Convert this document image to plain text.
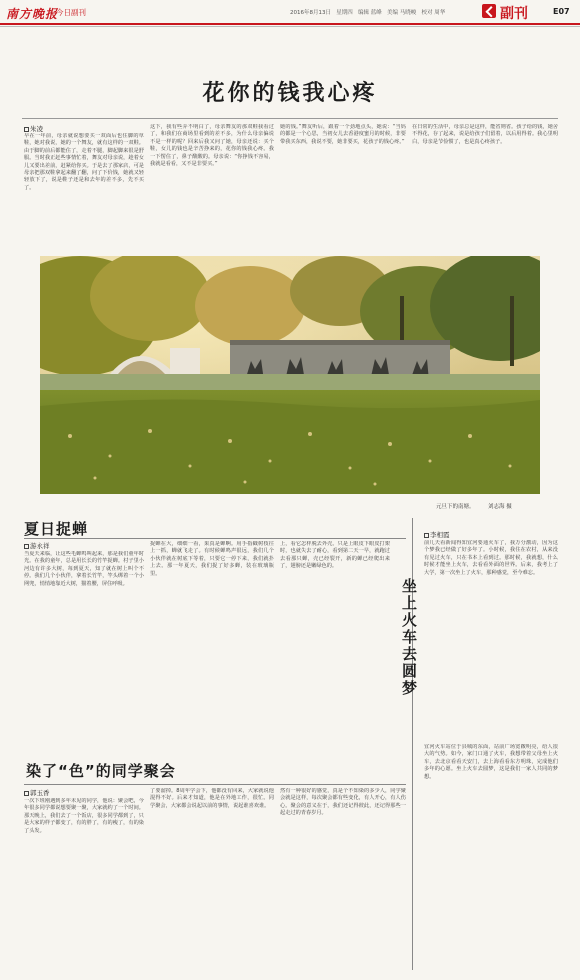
南方晚报
今日副刊	2016年8月13日 星期四 编辑 蓝峰 美编 马晓峻 校对 周华	副刊	E07
花你的钱我心疼
朱凌
早在一年前，母亲就说想要买一双面后也住脚的草鞋，她对我说，她的一个舞友，就有这样的一双鞋。由于脚的前后都能住了，走着不腿，脚起脚来很是舒服。当时我正赶些事情忙着，舞友对母亲说，趁着女儿又要出差前，赶紧给你买。于是去了那家店，可是母亲把那双鞋拿起来翻了翻，问了下价钱，她就又轻轻放下了，说是鞋子还是和去年的差不多，先不买了。
这下，我有些弄不明白了，母亲舞友的那双鞋我看过了，和我们在商场里看到的差不多，为什么母亲偏说不是一样的呢？回来后我又问了她，母亲还说：买个鞋，女儿的钱也是辛苦挣来的，花你的钱我心疼。我一下愣住了，鼻子酸酸的。母亲说：“你挣钱不容易，我就是看看，又不是非要买。”
她的钱。”舞友听后，跟着一个劲地点头，她说：“当妈的都是一个心思，当初女儿去香港度蜜月的时候，非要带我买东西，我说不要，她非要买，花孩子的钱心疼。”
在日常的生活中，母亲总是这样，能省则省。孩子给的钱，她舍不得花，存了起来，说是给孩子们留着，以后用得着。我心里明白，母亲是节俭惯了，也是真心疼孩子。
元旦下的南塘。 刘志海 摄
夏日捉蝉
游永祥
当夏天来临，让这些毛蝉鸣叫起来，那是我们童年时光。在我的童年，总是用长长的竹竿捉蝉。村子里小河边有许多大树，每到夏天，知了就在树上叫个不停。我们几个小伙伴，拿着长竹竿，竿头绑着一个小网兜，悄悄地靠近大树，猫着腰，屏住呼吸。
捉蝉在大，细细一看，果真是蝉啊。用手指戳树枝往上一抓，蝉就飞走了。有时候蝉鸣声很远，我们几个小伙伴就在树底下等着，只要它一停下来，我们就扑上去。那一年夏天，我们捉了好多蝉，装在玻璃瓶里。
上，看它怎样脱去外壳。只是上眼皮下眼皮打架时，也就失去了耐心，看到第二天一早，就跑过去看那只蝉，壳已经裂开，新的蝉已经爬出来了，翅膀还是嫩绿色的。
染了“色”的同学聚会
郭玉香
一次下班刚遇到多年未见的同学，他说：聚会吧，今年很多同学都说想要聚一聚，大家就约了一个时间。那天晚上，我们去了一个饭店，很多同学都到了，只是大家的样子都变了，有的胖了，有的瘦了，有的染了头发。
了要溜掉。8周年学会下，他都没有回来，大家就说他混得不好。后来才知道，他是在外地工作，很忙。同学聚会，大家都会说起以前的事情，说起谁喜欢谁。
然有一种很好的感觉，真是个不知染的多少人，同学聚会就是这样，每次聚会都有些变化，有人开心，有人伤心。聚会的意义在于，我们还记得彼此，还记得那些一起走过的青春岁月。
坐上火车去圆梦
李相霞
前几天看新闻得知宜河要通火车了，我万分激动，因为这个梦我已经做了好多年了。小时候，我住在农村，从来没有见过火车，只在书本上看到过。那时候，我就想，什么时候才能坐上火车，去看看外面的世界。后来，我考上了大学，第一次坐上了火车，那种感觉，至今难忘。
宜河火车站位于县城的东面，站前广场宽敞明亮，给人很大的气势。如今，家门口通了火车，我想带着父母坐上火车，去北京看看天安门，去上海看看东方明珠，完成他们多年的心愿。坐上火车去圆梦，这是我们一家人共同的梦想。
